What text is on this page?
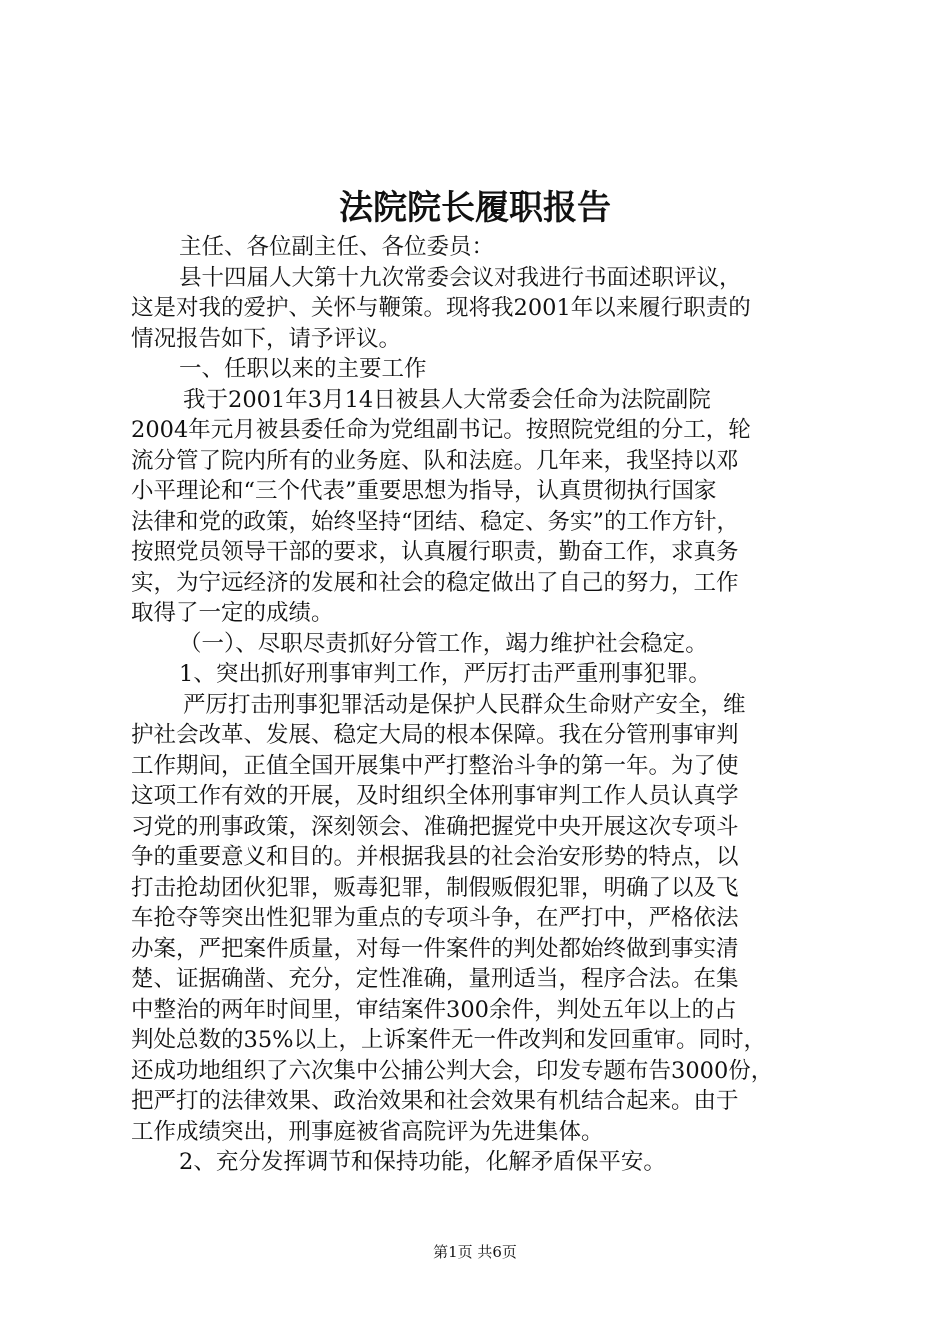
法院院长履职报告

主任、各位副主任、各位委员：

县十四届人大第十九次常委会议对我进行书面述职评议，
这是对我的爱护、关怀与鞭策。现将我2001年以来履行职责的
情况报告如下，请予评议。

一、任职以来的主要工作

我于2001年3月14日被县人大常委会任命为法院副院
2004年元月被县委任命为党组副书记。按照院党组的分工，轮
流分管了院内所有的业务庭、队和法庭。几年来，我坚持以邓
小平理论和“三个代表”重要思想为指导，认真贯彻执行国家
法律和党的政策，始终坚持“团结、稳定、务实”的工作方针，
按照党员领导干部的要求，认真履行职责，勤奋工作，求真务
实，为宁远经济的发展和社会的稳定做出了自己的努力，工作
取得了一定的成绩。

（一）、尽职尽责抓好分管工作，竭力维护社会稳定。

1、突出抓好刑事审判工作，严厉打击严重刑事犯罪。

严厉打击刑事犯罪活动是保护人民群众生命财产安全，维
护社会改革、发展、稳定大局的根本保障。我在分管刑事审判
工作期间，正值全国开展集中严打整治斗争的第一年。为了使
这项工作有效的开展，及时组织全体刑事审判工作人员认真学
习党的刑事政策，深刻领会、准确把握党中央开展这次专项斗
争的重要意义和目的。并根据我县的社会治安形势的特点，以
打击抢劫团伙犯罪，贩毒犯罪，制假贩假犯罪，明确了以及飞
车抢夺等突出性犯罪为重点的专项斗争，在严打中，严格依法
办案，严把案件质量，对每一件案件的判处都始终做到事实清
楚、证据确凿、充分，定性准确，量刑适当，程序合法。在集
中整治的两年时间里，审结案件300余件，判处五年以上的占
判处总数的35%以上，上诉案件无一件改判和发回重审。同时，
还成功地组织了六次集中公捕公判大会，印发专题布告3000份，
把严打的法律效果、政治效果和社会效果有机结合起来。由于
工作成绩突出，刑事庭被省高院评为先进集体。

2、充分发挥调节和保持功能，化解矛盾保平安。

第1页 共6页
